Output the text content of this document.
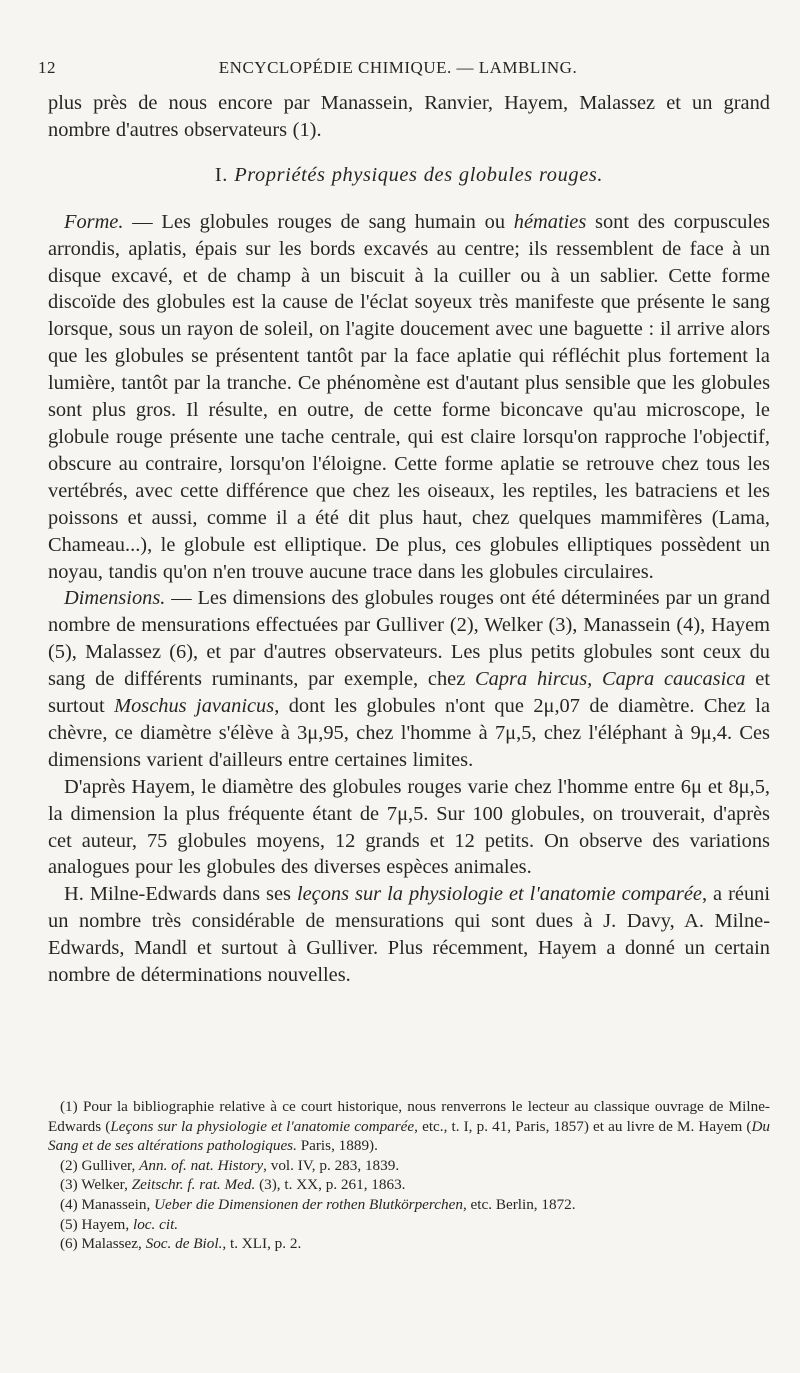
12	ENCYCLOPÉDIE CHIMIQUE. — LAMBLING.

plus près de nous encore par Manassein, Ranvier, Hayem, Malassez et un grand nombre d'autres observateurs (1).

I. Propriétés physiques des globules rouges.

Forme. — Les globules rouges de sang humain ou hématies sont des corpuscules arrondis, aplatis, épais sur les bords excavés au centre; ils ressemblent de face à un disque excavé, et de champ à un biscuit à la cuiller ou à un sablier. Cette forme discoïde des globules est la cause de l'éclat soyeux très manifeste que présente le sang lorsque, sous un rayon de soleil, on l'agite doucement avec une baguette : il arrive alors que les globules se présentent tantôt par la face aplatie qui réfléchit plus fortement la lumière, tantôt par la tranche. Ce phénomène est d'autant plus sensible que les globules sont plus gros. Il résulte, en outre, de cette forme biconcave qu'au microscope, le globule rouge présente une tache centrale, qui est claire lorsqu'on rapproche l'objectif, obscure au contraire, lorsqu'on l'éloigne. Cette forme aplatie se retrouve chez tous les vertébrés, avec cette différence que chez les oiseaux, les reptiles, les batraciens et les poissons et aussi, comme il a été dit plus haut, chez quelques mammifères (Lama, Chameau...), le globule est elliptique. De plus, ces globules elliptiques possèdent un noyau, tandis qu'on n'en trouve aucune trace dans les globules circulaires.

Dimensions. — Les dimensions des globules rouges ont été déterminées par un grand nombre de mensurations effectuées par Gulliver (2), Welker (3), Manassein (4), Hayem (5), Malassez (6), et par d'autres observateurs. Les plus petits globules sont ceux du sang de différents ruminants, par exemple, chez Capra hircus, Capra caucasica et surtout Moschus javanicus, dont les globules n'ont que 2μ,07 de diamètre. Chez la chèvre, ce diamètre s'élève à 3μ,95, chez l'homme à 7μ,5, chez l'éléphant à 9μ,4. Ces dimensions varient d'ailleurs entre certaines limites.

D'après Hayem, le diamètre des globules rouges varie chez l'homme entre 6μ et 8μ,5, la dimension la plus fréquente étant de 7μ,5. Sur 100 globules, on trouverait, d'après cet auteur, 75 globules moyens, 12 grands et 12 petits. On observe des variations analogues pour les globules des diverses espèces animales.

H. Milne-Edwards dans ses leçons sur la physiologie et l'anatomie comparée, a réuni un nombre très considérable de mensurations qui sont dues à J. Davy, A. Milne-Edwards, Mandl et surtout à Gulliver. Plus récemment, Hayem a donné un certain nombre de déterminations nouvelles.

(1) Pour la bibliographie relative à ce court historique, nous renverrons le lecteur au classique ouvrage de Milne-Edwards (Leçons sur la physiologie et l'anatomie comparée, etc., t. I, p. 41, Paris, 1857) et au livre de M. Hayem (Du Sang et de ses altérations pathologiques. Paris, 1889).

(2) Gulliver, Ann. of. nat. History, vol. IV, p. 283, 1839.

(3) Welker, Zeitschr. f. rat. Med. (3), t. XX, p. 261, 1863.

(4) Manassein, Ueber die Dimensionen der rothen Blutkörperchen, etc. Berlin, 1872.

(5) Hayem, loc. cit.

(6) Malassez, Soc. de Biol., t. XLI, p. 2.
